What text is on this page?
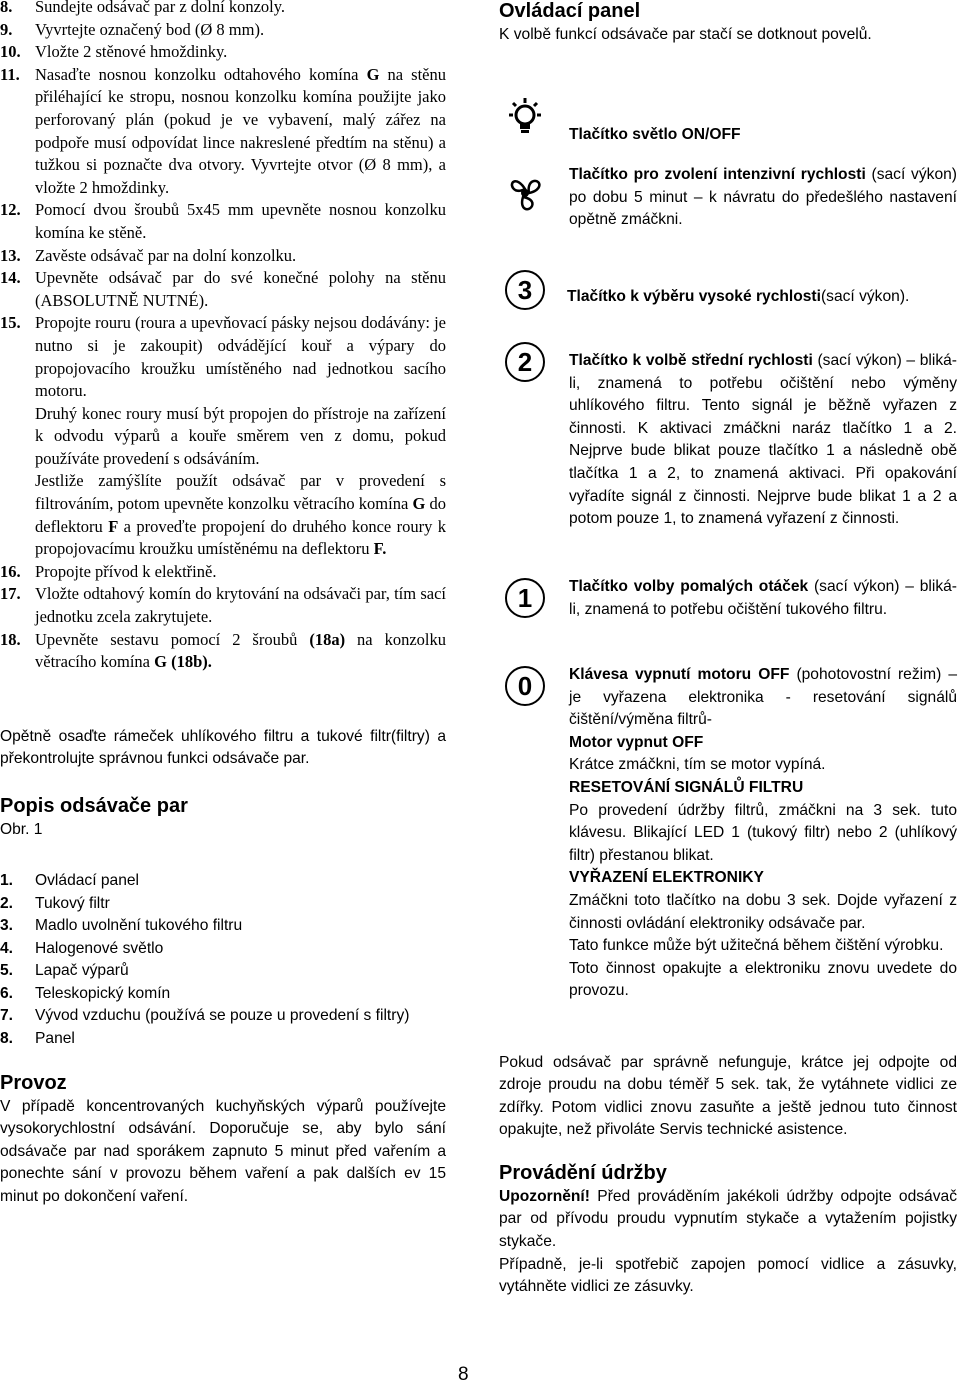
8. Sundejte odsávač par z dolní konzoly.
9. Vyvrtejte označený bod (Ø 8 mm).
10. Vložte 2 stěnové hmoždinky.
11. Nasaďte nosnou konzolku odtahového komína G na stěnu přiléhající ke stropu, nosnou konzolku komína použijte jako perforovaný plán (pokud je ve vybavení, malý zářez na podpoře musí odpovídat lince nakreslené předtím na stěnu) a tužkou si poznačte dva otvory. Vyvrtejte otvor (Ø 8 mm), a vložte 2 hmoždinky.
12. Pomocí dvou šroubů 5x45 mm upevněte nosnou konzolku komína ke stěně.
13. Zavěste odsávač par na dolní konzolku.
14. Upevněte odsávač par do své konečné polohy na stěnu (ABSOLUTNĚ NUTNÉ).
15. Propojte rouru (roura a upevňovací pásky nejsou dodávány: je nutno si je zakoupit) odvádějící kouř a výpary do propojovacího kroužku umístěného nad jednotkou sacího motoru.
Druhý konec roury musí být propojen do přístroje na zařízení k odvodu výparů a kouře směrem ven z domu, pokud používáte provedení s odsáváním.
Jestliže zamýšlíte použít odsávač par v provedení s filtrováním, potom upevněte konzolku větracího komína G do deflektoru F a proveďte propojení do druhého konce roury k propojovacímu kroužku umístěnému na deflektoru F.
16. Propojte přívod k elektřině.
17. Vložte odtahový komín do krytování na odsávači par, tím sací jednotku zcela zakrytujete.
18. Upevněte sestavu pomocí 2 šroubů (18a) na konzolku větracího komína G (18b).
Opětně osaďte rámeček uhlíkového filtru a tukové filtr(filtry) a překontrolujte správnou funkci odsávače par.
Popis odsávače par
Obr. 1
1. Ovládací panel
2. Tukový filtr
3. Madlo uvolnění tukového filtru
4. Halogenové světlo
5. Lapač výparů
6. Teleskopický komín
7. Vývod vzduchu (používá se pouze u provedení s filtry)
8. Panel
Provoz
V případě koncentrovaných kuchyňských výparů používejte vysokorychlostní odsávání. Doporučuje se, aby bylo sání odsávače par nad sporákem zapnuto 5 minut před vařením a ponechte sání v provozu během vaření a pak dalších ev 15 minut po dokončení vaření.
Ovládací panel
K volbě funkcí odsávače par stačí se dotknout povelů.
Tlačítko světlo ON/OFF
Tlačítko pro zvolení intenzivní rychlosti (sací výkon) po dobu 5 minut – k návratu do předešlého nastavení opětně zmáčkni.
3 Tlačítko k výběru vysoké rychlosti(sací výkon).
2 Tlačítko k volbě střední rychlosti (sací výkon) – bliká-li, znamená to potřebu očištění nebo výměny uhlíkového filtru. Tento signál je běžně vyřazen z činnosti. K aktivaci zmáčkni naráz tlačítko 1 a 2. Nejprve bude blikat pouze tlačítko 1 a následně obě tlačítka 1 a 2, to znamená aktivaci. Při opakování vyřadíte signál z činnosti. Nejprve bude blikat 1 a 2 a potom pouze 1, to znamená vyřazení z činnosti.
1 Tlačítko volby pomalých otáček (sací výkon) – bliká-li, znamená to potřebu očištění tukového filtru.
0 Klávesa vypnutí motoru OFF (pohotovostní režim) – je vyřazena elektronika - resetování signálů čištění/výměna filtrů-

Motor vypnut OFF

Krátce zmáčkni, tím se motor vypíná.

RESETOVÁNÍ SIGNÁLŮ FILTRU

Po provedení údržby filtrů, zmáčkni na 3 sek. tuto klávesu. Blikající LED 1 (tukový filtr) nebo 2 (uhlíkový filtr) přestanou blikat.

VYŘAZENÍ ELEKTRONIKY

Zmáčkni toto tlačítko na dobu 3 sek. Dojde vyřazení z činnosti ovládání elektroniky odsávače par.

Tato funkce může být užitečná během čištění výrobku.

Toto činnost opakujte a elektroniku znovu uvedete do provozu.

Pokud odsávač par správně nefunguje, krátce jej odpojte od zdroje proudu na dobu téměř 5 sek. tak, že vytáhnete vidlici ze zdířky. Potom vidlici znovu zasuňte a ještě jednou tuto činnost opakujte, než přivoláte Servis technické asistence.
Provádění údržby
Upozornění! Před prováděním jakékoli údržby odpojte odsávač par od přívodu proudu vypnutím stykače a vytažením pojistky stykače.
Případně, je-li spotřebič zapojen pomocí vidlice a zásuvky, vytáhněte vidlici ze zásuvky.
8
